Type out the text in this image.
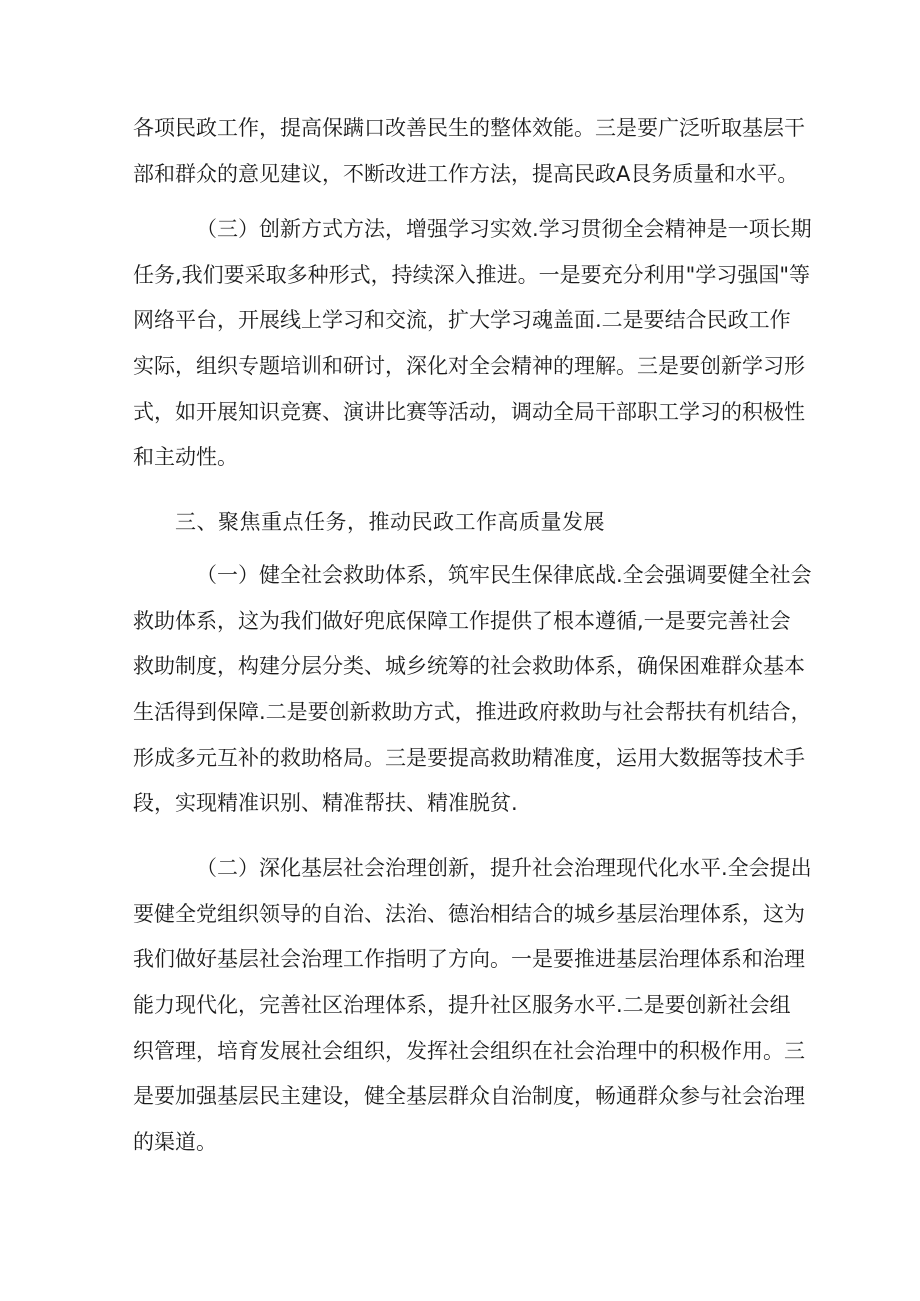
各项民政工作，提高保蹒口改善民生的整体效能。三是要广泛听取基层干
部和群众的意见建议，不断改进工作方法，提高民政A艮务质量和水平。
（三）创新方式方法，增强学习实效.学习贯彻全会精神是一项长期
任务,我们要采取多种形式，持续深入推进。一是要充分利用"学习强国"等
网络平台，开展线上学习和交流，扩大学习魂盖面.二是要结合民政工作
实际，组织专题培训和研讨，深化对全会精神的理解。三是要创新学习形
式，如开展知识竞赛、演讲比赛等活动，调动全局干部职工学习的积极性
和主动性。
三、聚焦重点任务，推动民政工作高质量发展
（一）健全社会救助体系，筑牢民生保律底战.全会强调要健全社会
救助体系，这为我们做好兜底保障工作提供了根本遵循,一是要完善社会
救助制度，构建分层分类、城乡统筹的社会救助体系，确保困难群众基本
生活得到保障.二是要创新救助方式，推进政府救助与社会帮扶有机结合，
形成多元互补的救助格局。三是要提高救助精准度，运用大数据等技术手
段，实现精准识别、精准帮扶、精准脱贫.
（二）深化基层社会治理创新，提升社会治理现代化水平.全会提出
要健全党组织领导的自治、法治、德治相结合的城乡基层治理体系，这为
我们做好基层社会治理工作指明了方向。一是要推进基层治理体系和治理
能力现代化，完善社区治理体系，提升社区服务水平.二是要创新社会组
织管理，培育发展社会组织，发挥社会组织在社会治理中的积极作用。三
是要加强基层民主建设，健全基层群众自治制度，畅通群众参与社会治理
的渠道。
